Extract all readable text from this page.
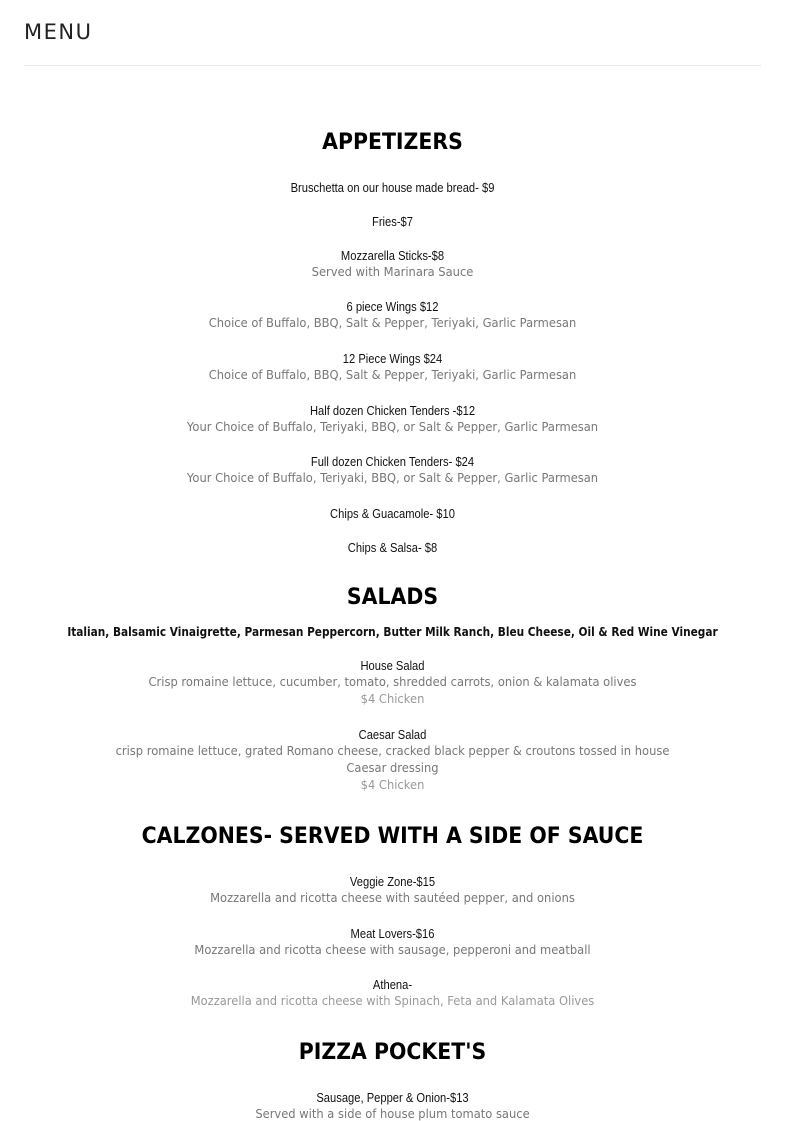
MENU
APPETIZERS
Bruschetta on our house made bread- $9
Fries-$7
Mozzarella Sticks-$8
Served with Marinara Sauce
6 piece Wings $12
Choice of Buffalo, BBQ, Salt & Pepper, Teriyaki, Garlic Parmesan
12 Piece Wings $24
Choice of Buffalo, BBQ, Salt & Pepper, Teriyaki, Garlic Parmesan
Half dozen Chicken Tenders -$12
Your Choice of Buffalo, Teriyaki, BBQ, or Salt & Pepper, Garlic Parmesan
Full dozen Chicken Tenders- $24
Your Choice of Buffalo, Teriyaki, BBQ, or Salt & Pepper, Garlic Parmesan
Chips & Guacamole- $10
Chips & Salsa- $8
SALADS
Italian, Balsamic Vinaigrette, Parmesan Peppercorn, Butter Milk Ranch, Bleu Cheese, Oil & Red Wine Vinegar
House Salad
Crisp romaine lettuce, cucumber, tomato, shredded carrots, onion & kalamata olives
$4 Chicken
Caesar Salad
crisp romaine lettuce, grated Romano cheese, cracked black pepper & croutons tossed in house Caesar dressing
$4 Chicken
CALZONES- SERVED WITH A SIDE OF SAUCE
Veggie Zone-$15
Mozzarella and ricotta cheese with sautéed pepper, and onions
Meat Lovers-$16
Mozzarella and ricotta cheese with sausage, pepperoni and meatball
Athena-
Mozzarella and ricotta cheese with Spinach, Feta and Kalamata Olives
PIZZA POCKET'S
Sausage, Pepper & Onion-$13
Served with a side of house plum tomato sauce
